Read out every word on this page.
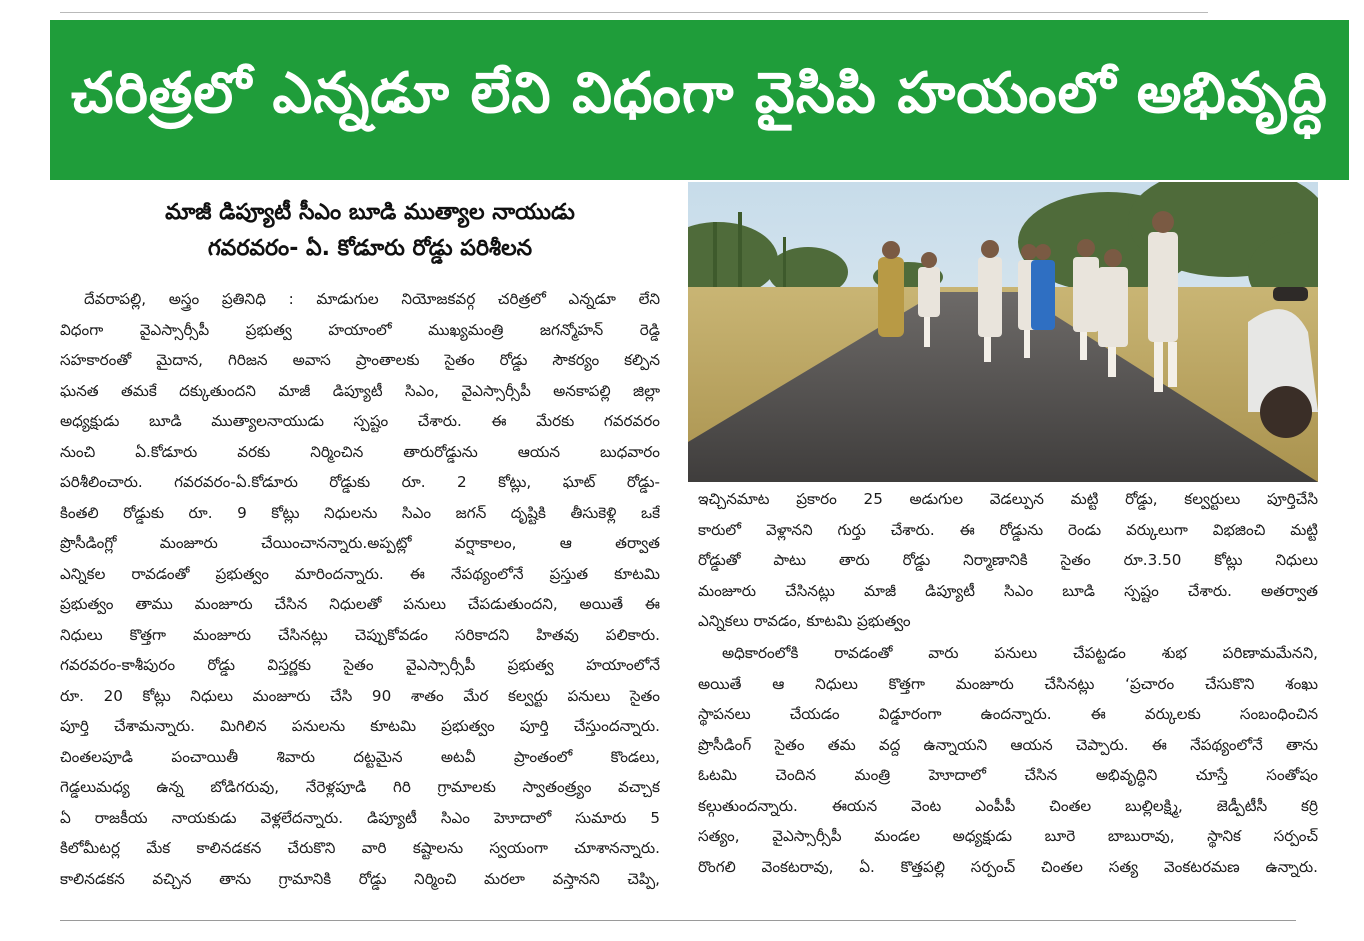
చరిత్రలో ఎన్నడూ లేని విధంగా వైసిపి హయంలో అభివృద్ధి
మాజీ డిప్యూటీ సీఎం బూడి ముత్యాల నాయుడు
గవరవరం- ఏ. కోడూరు రోడ్డు పరిశీలన
దేవరాపల్లి, అస్త్రం ప్రతినిధి : మాడుగుల నియోజకవర్గ చరిత్రలో ఎన్నడూ లేని
విధంగా వైఎస్సార్సీపీ ప్రభుత్వ హయాంలో ముఖ్యమంత్రి జగన్మోహన్ రెడ్డి
సహకారంతో మైదాన, గిరిజన అవాస ప్రాంతాలకు సైతం రోడ్డు సౌకర్యం కల్పిన
ఘనత తమకే దక్కుతుందని మాజీ డిప్యూటీ సిఎం, వైఎస్సార్సీపీ అనకాపల్లి జిల్లా
అధ్యక్షుడు బూడి ముత్యాలనాయుడు స్పష్టం చేశారు. ఈ మేరకు గవరవరం
నుంచి ఏ.కోడూరు వరకు నిర్మించిన తారురోడ్డును ఆయన బుధవారం
పరిశీలించారు. గవరవరం-ఏ.కోడూరు రోడ్డుకు రూ. 2 కోట్లు, ఘాట్ రోడ్డు-
కింతలి రోడ్డుకు రూ. 9 కోట్లు నిధులను సిఎం జగన్ దృష్టికి తీసుకెళ్లి ఒకే
ప్రొసీడింగ్లో మంజూరు చేయించానన్నారు.అప్పట్లో వర్షాకాలం, ఆ తర్వాత
ఎన్నికల రావడంతో ప్రభుత్వం మారిందన్నారు. ఈ నేపథ్యంలోనే ప్రస్తుత కూటమి
ప్రభుత్వం తాము మంజూరు చేసిన నిధులతో పనులు చేపడుతుందని, అయితే ఈ
నిధులు కొత్తగా మంజూరు చేసినట్లు చెప్పుకోవడం సరికాదని హితవు పలికారు.
గవరవరం-కాశీపురం రోడ్డు విస్తర్ణకు సైతం వైఎస్సార్సీపీ ప్రభుత్వ హయాంలోనే
రూ. 20 కోట్లు నిధులు మంజూరు చేసి 90 శాతం మేర కల్వర్టు పనులు సైతం
పూర్తి చేశామన్నారు. మిగిలిన పనులను కూటమి ప్రభుత్వం పూర్తి చేస్తుందన్నారు.
చింతలపూడి పంచాయితీ శివారు దట్టమైన అటవీ ప్రాంతంలో కొండలు,
గెడ్డలుమధ్య ఉన్న బోడిగరువు, నేరెళ్లపూడి గిరి గ్రామాలకు స్వాతంత్ర్యం వచ్చాక
ఏ రాజకీయ నాయకుడు వెళ్లలేదన్నారు. డిప్యూటీ సిఎం హెూదాలో సుమారు 5
కిలోమీటర్ల మేక కాలినడకన చేరుకొని వారి కష్టాలను స్వయంగా చూశానన్నారు.
కాలినడకన వచ్చిన తాను గ్రామానికి రోడ్డు నిర్మించి మరలా వస్తానని చెప్పి,
ఇచ్చినమాట ప్రకారం 25 అడుగుల వెడల్పున మట్టి రోడ్డు, కల్వర్టులు పూర్తిచేసి
కారులో వెళ్లానని గుర్తు చేశారు. ఈ రోడ్డును రెండు వర్కులుగా విభజించి మట్టి
రోడ్డుతో పాటు తారు రోడ్డు నిర్మాణానికి సైతం రూ.3.50 కోట్లు నిధులు
మంజూరు చేసినట్లు మాజీ డిప్యూటీ సిఎం బూడి స్పష్టం చేశారు. అతర్వాత
ఎన్నికలు రావడం, కూటమి ప్రభుత్వం
అధికారంలోకి రావడంతో వారు పనులు చేపట్టడం శుభ పరిణామమేనని,
అయితే ఆ నిధులు కొత్తగా మంజూరు చేసినట్లు ‘ప్రచారం చేసుకొని శంఖు
స్థాపనలు చేయడం విడ్డూరంగా ఉందన్నారు. ఈ వర్కులకు సంబంధించిన
ప్రొసీడింగ్ సైతం తమ వద్ద ఉన్నాయని ఆయన చెప్పారు. ఈ నేపథ్యంలోనే తాను
ఓటమి చెందిన మంత్రి హెూదాలో చేసిన అభివృద్ధిని చూస్తే సంతోషం
కల్గుతుందన్నారు. ఈయన వెంట ఎంపీపీ చింతల బుల్లిలక్ష్మి, జెడ్పీటీసీ కర్రి
సత్యం, వైఎస్సార్సీపీ మండల అధ్యక్షుడు బూరె బాబురావు, స్థానిక సర్పంచ్
రొంగలి వెంకటరావు, ఏ. కొత్తపల్లి సర్పంచ్ చింతల సత్య వెంకటరమణ ఉన్నారు.
